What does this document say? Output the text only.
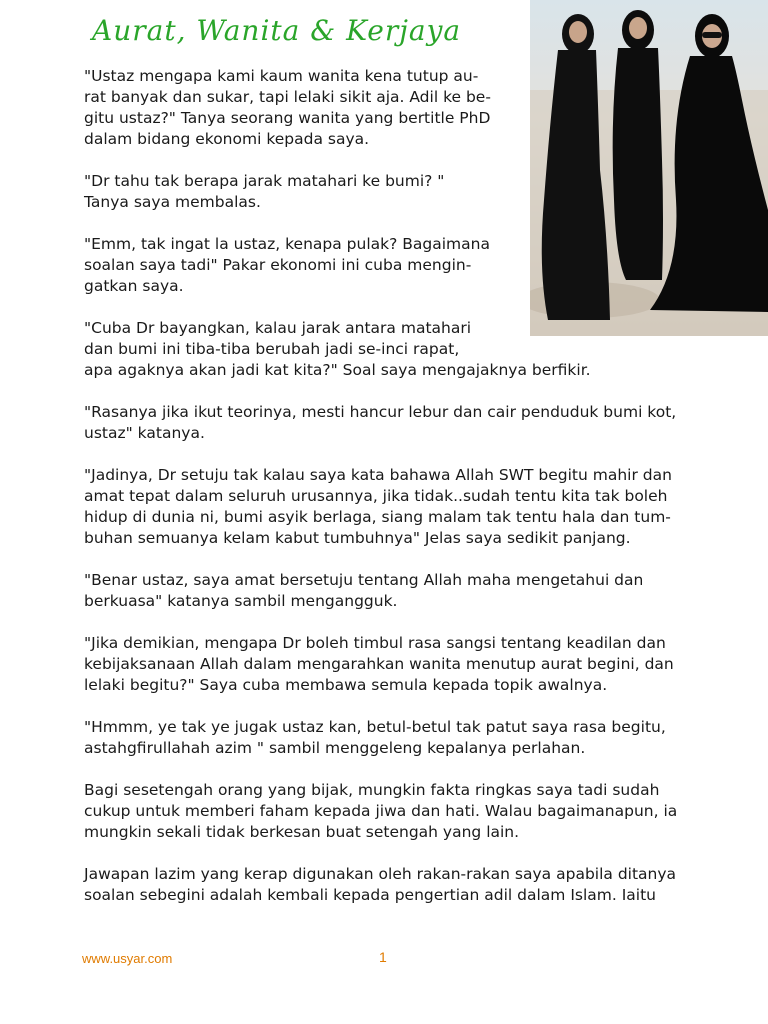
Aurat, Wanita & Kerjaya
"Ustaz mengapa kami kaum wanita kena tutup au-
rat banyak dan sukar, tapi lelaki sikit aja. Adil ke be-
gitu ustaz?" Tanya seorang wanita yang bertitle PhD
dalam bidang ekonomi kepada saya.
"Dr tahu tak berapa jarak matahari ke bumi? "
Tanya saya membalas.
"Emm, tak ingat la ustaz, kenapa pulak? Bagaimana
soalan saya tadi" Pakar ekonomi ini cuba mengin-
gatkan saya.
"Cuba Dr bayangkan, kalau jarak antara matahari
dan bumi ini tiba-tiba berubah jadi se-inci rapat,
apa agaknya akan jadi kat kita?" Soal saya mengajaknya berfikir.
"Rasanya jika ikut teorinya, mesti hancur lebur dan cair penduduk bumi kot,
ustaz" katanya.
"Jadinya, Dr setuju tak kalau saya kata bahawa Allah SWT begitu mahir dan
amat tepat dalam seluruh urusannya, jika tidak..sudah tentu kita tak boleh
hidup di dunia ni, bumi asyik berlaga, siang malam tak tentu hala dan tum-
buhan semuanya kelam kabut tumbuhnya" Jelas saya sedikit panjang.
"Benar ustaz, saya amat bersetuju tentang Allah maha mengetahui dan
berkuasa" katanya sambil mengangguk.
"Jika demikian, mengapa Dr boleh timbul rasa sangsi tentang keadilan dan
kebijaksanaan Allah dalam mengarahkan wanita menutup aurat begini, dan
lelaki begitu?" Saya cuba membawa semula kepada topik awalnya.
"Hmmm, ye tak ye jugak ustaz kan, betul-betul tak patut saya rasa begitu,
astahgfirullahah azim " sambil menggeleng kepalanya perlahan.
Bagi sesetengah orang yang bijak, mungkin fakta ringkas saya tadi sudah
cukup untuk memberi faham kepada jiwa dan hati. Walau bagaimanapun, ia
mungkin sekali tidak berkesan buat setengah yang lain.
Jawapan lazim yang kerap digunakan oleh rakan-rakan saya apabila ditanya
soalan sebegini adalah kembali kepada pengertian adil dalam Islam. Iaitu
www.usyar.com	1
